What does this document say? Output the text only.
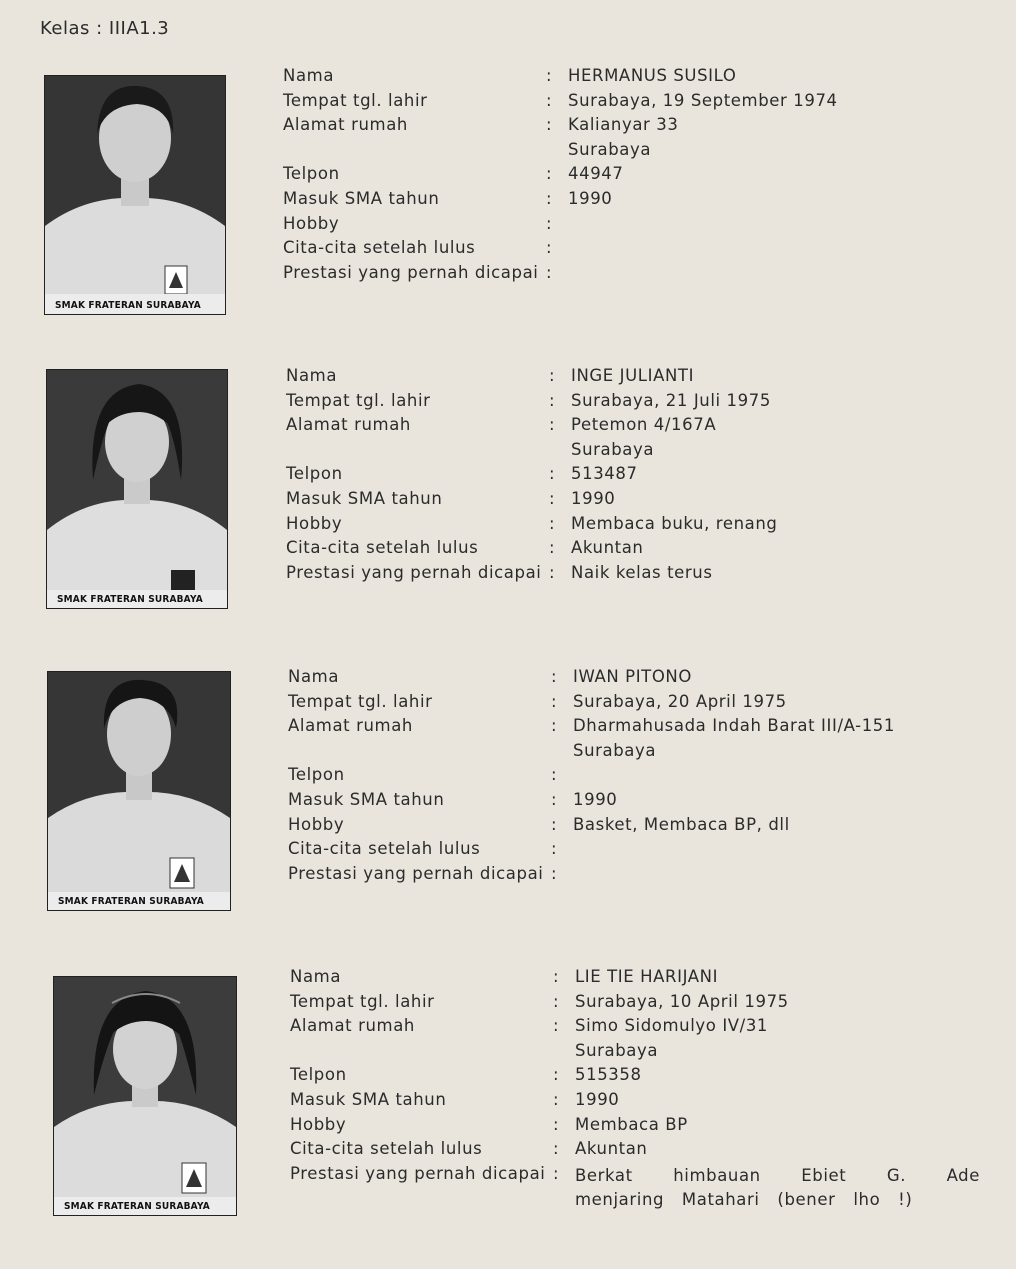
Kelas : IIIA1.3
SMAK FRATERAN SURABAYA
Nama	: HERMANUS SUSILO
Tempat tgl. lahir	: Surabaya, 19 September 1974
Alamat rumah	: Kalianyar 33
Surabaya
Telpon	: 44947
Masuk SMA tahun	: 1990
Hobby	:
Cita-cita setelah lulus	:
Prestasi yang pernah dicapai :
SMAK FRATERAN SURABAYA
Nama	: INGE JULIANTI
Tempat tgl. lahir	: Surabaya, 21 Juli 1975
Alamat rumah	: Petemon 4/167A
Surabaya
Telpon	: 513487
Masuk SMA tahun	: 1990
Hobby	: Membaca buku, renang
Cita-cita setelah lulus	: Akuntan
Prestasi yang pernah dicapai : Naik kelas terus
SMAK FRATERAN SURABAYA
Nama	: IWAN PITONO
Tempat tgl. lahir	: Surabaya, 20 April 1975
Alamat rumah	: Dharmahusada Indah Barat III/A-151
Surabaya
Telpon	:
Masuk SMA tahun	: 1990
Hobby	: Basket, Membaca BP, dll
Cita-cita setelah lulus	:
Prestasi yang pernah dicapai :
SMAK FRATERAN SURABAYA
Nama	: LIE TIE HARIJANI
Tempat tgl. lahir	: Surabaya, 10 April 1975
Alamat rumah	: Simo Sidomulyo IV/31
Surabaya
Telpon	: 515358
Masuk SMA tahun	: 1990
Hobby	: Membaca BP
Cita-cita setelah lulus	: Akuntan
Prestasi yang pernah dicapai : Berkat himbauan Ebiet G. Ade menjaring Matahari (bener lho !)
